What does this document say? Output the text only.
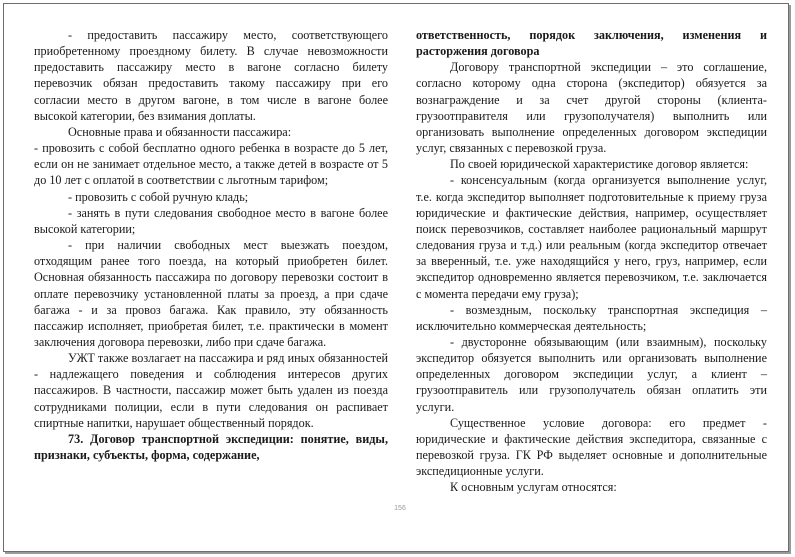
- предоставить пассажиру место, соответствующего приобретенному проездному билету. В случае невозможности предоставить пассажиру место в вагоне согласно билету перевозчик обязан предоставить такому пассажиру при его согласии место в другом вагоне, в том числе в вагоне более высокой категории, без взимания доплаты.

Основные права и обязанности пассажира:

- провозить с собой бесплатно одного ребенка в возрасте до 5 лет, если он не занимает отдельное место, а также детей в возрасте от 5 до 10 лет с оплатой в соответствии с льготным тарифом;

- провозить с собой ручную кладь;

- занять в пути следования свободное место в вагоне более высокой категории;

- при наличии свободных мест выезжать поездом, отходящим ранее того поезда, на который приобретен билет. Основная обязанность пассажира по договору перевозки состоит в оплате перевозчику установленной платы за проезд, а при сдаче багажа - и за провоз багажа. Как правило, эту обязанность пассажир исполняет, приобретая билет, т.е. практически в момент заключения договора перевозки, либо при сдаче багажа.

УЖТ также возлагает на пассажира и ряд иных обязанностей - надлежащего поведения и соблюдения интересов других пассажиров. В частности, пассажир может быть удален из поезда сотрудниками полиции, если в пути следования он распивает спиртные напитки, нарушает общественный порядок.

73. Договор транспортной экспедиции: понятие, виды, признаки, субъекты, форма, содержание,

ответственность, порядок заключения, изменения и расторжения договора

Договору транспортной экспедиции – это соглашение, согласно которому одна сторона (экспедитор) обязуется за вознаграждение и за счет другой стороны (клиента-грузоотправителя или грузополучателя) выполнить или организовать выполнение определенных договором экспедиции услуг, связанных с перевозкой груза.

По своей юридической характеристике договор является:

- консенсуальным (когда организуется выполнение услуг, т.е. когда экспедитор выполняет подготовительные к приему груза юридические и фактические действия, например, осуществляет поиск перевозчиков, составляет наиболее рациональный маршрут следования груза и т.д.) или реальным (когда экспедитор отвечает за вверенный, т.е. уже находящийся у него, груз, например, если экспедитор одновременно является перевозчиком, т.е. заключается с момента передачи ему груза);

- возмездным, поскольку транспортная экспедиция – исключительно коммерческая деятельность;

- двусторонне обязывающим (или взаимным), поскольку экспедитор обязуется выполнить или организовать выполнение определенных договором экспедиции услуг, а клиент – грузоотправитель или грузополучатель обязан оплатить эти услуги.

Существенное условие договора: его предмет - юридические и фактические действия экспедитора, связанные с перевозкой груза. ГК РФ выделяет основные и дополнительные экспедиционные услуги.

К основным услугам относятся:

156
